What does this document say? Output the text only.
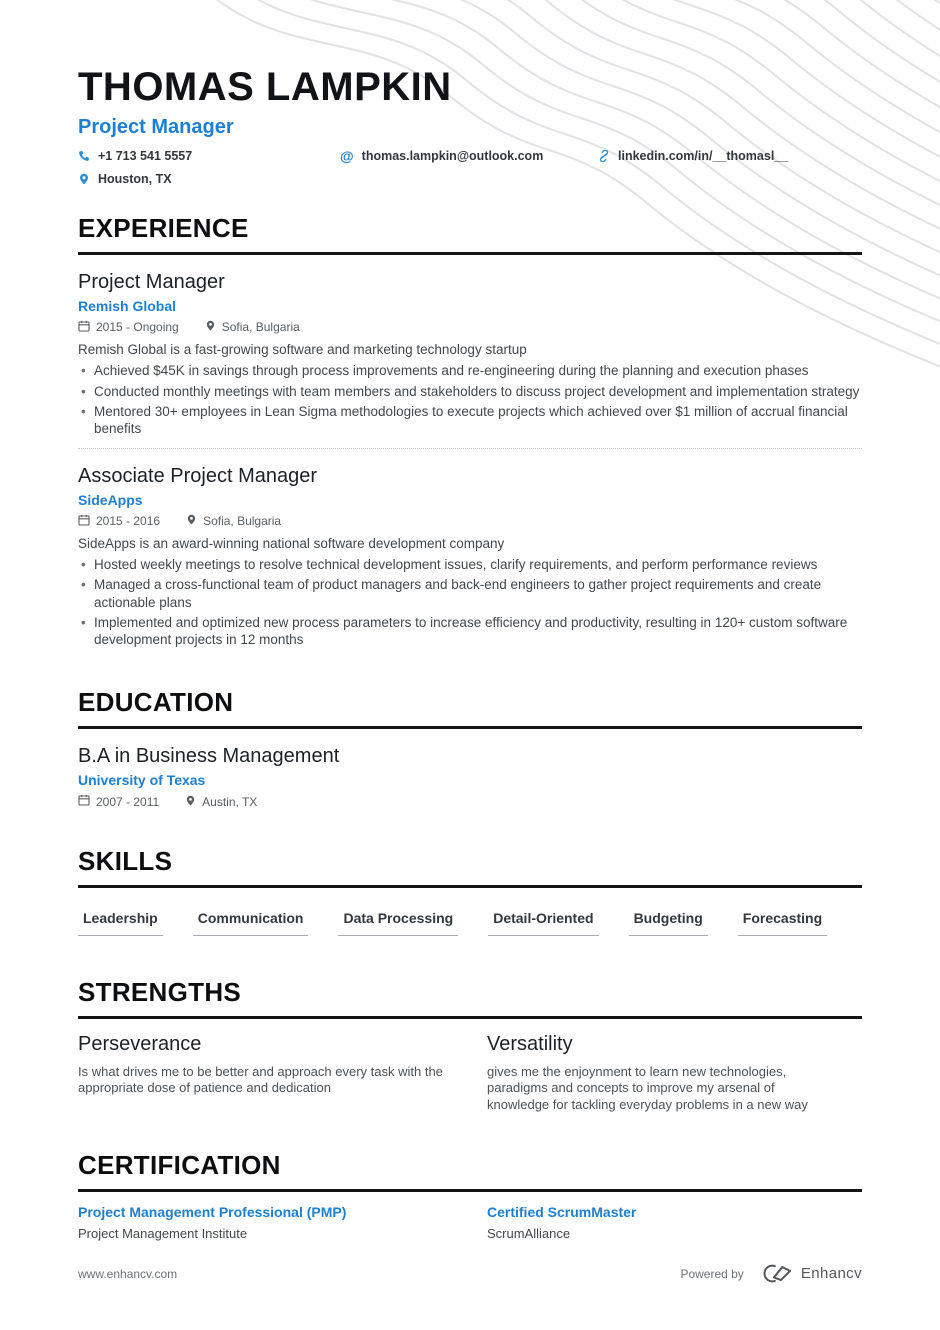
THOMAS LAMPKIN
Project Manager
+1 713 541 5557	@ thomas.lampkin@outlook.com	linkedin.com/in/__thomasl__
Houston, TX
EXPERIENCE
Project Manager
Remish Global
2015 - Ongoing	Sofia, Bulgaria
Remish Global is a fast-growing software and marketing technology startup
• Achieved $45K in savings through process improvements and re-engineering during the planning and execution phases
• Conducted monthly meetings with team members and stakeholders to discuss project development and implementation strategy
• Mentored 30+ employees in Lean Sigma methodologies to execute projects which achieved over $1 million of accrual financial benefits
Associate Project Manager
SideApps
2015 - 2016	Sofia, Bulgaria
SideApps is an award-winning national software development company
• Hosted weekly meetings to resolve technical development issues, clarify requirements, and perform performance reviews
• Managed a cross-functional team of product managers and back-end engineers to gather project requirements and create actionable plans
• Implemented and optimized new process parameters to increase efficiency and productivity, resulting in 120+ custom software development projects in 12 months
EDUCATION
B.A in Business Management
University of Texas
2007 - 2011	Austin, TX
SKILLS
Leadership	Communication	Data Processing	Detail-Oriented	Budgeting	Forecasting
STRENGTHS
Perseverance
Is what drives me to be better and approach every task with the appropriate dose of patience and dedication
Versatility
gives me the enjoynment to learn new technologies, paradigms and concepts to improve my arsenal of knowledge for tackling everyday problems in a new way
CERTIFICATION
Project Management Professional (PMP)
Project Management Institute
Certified ScrumMaster
ScrumAlliance
www.enhancv.com	Powered by	Enhancv
